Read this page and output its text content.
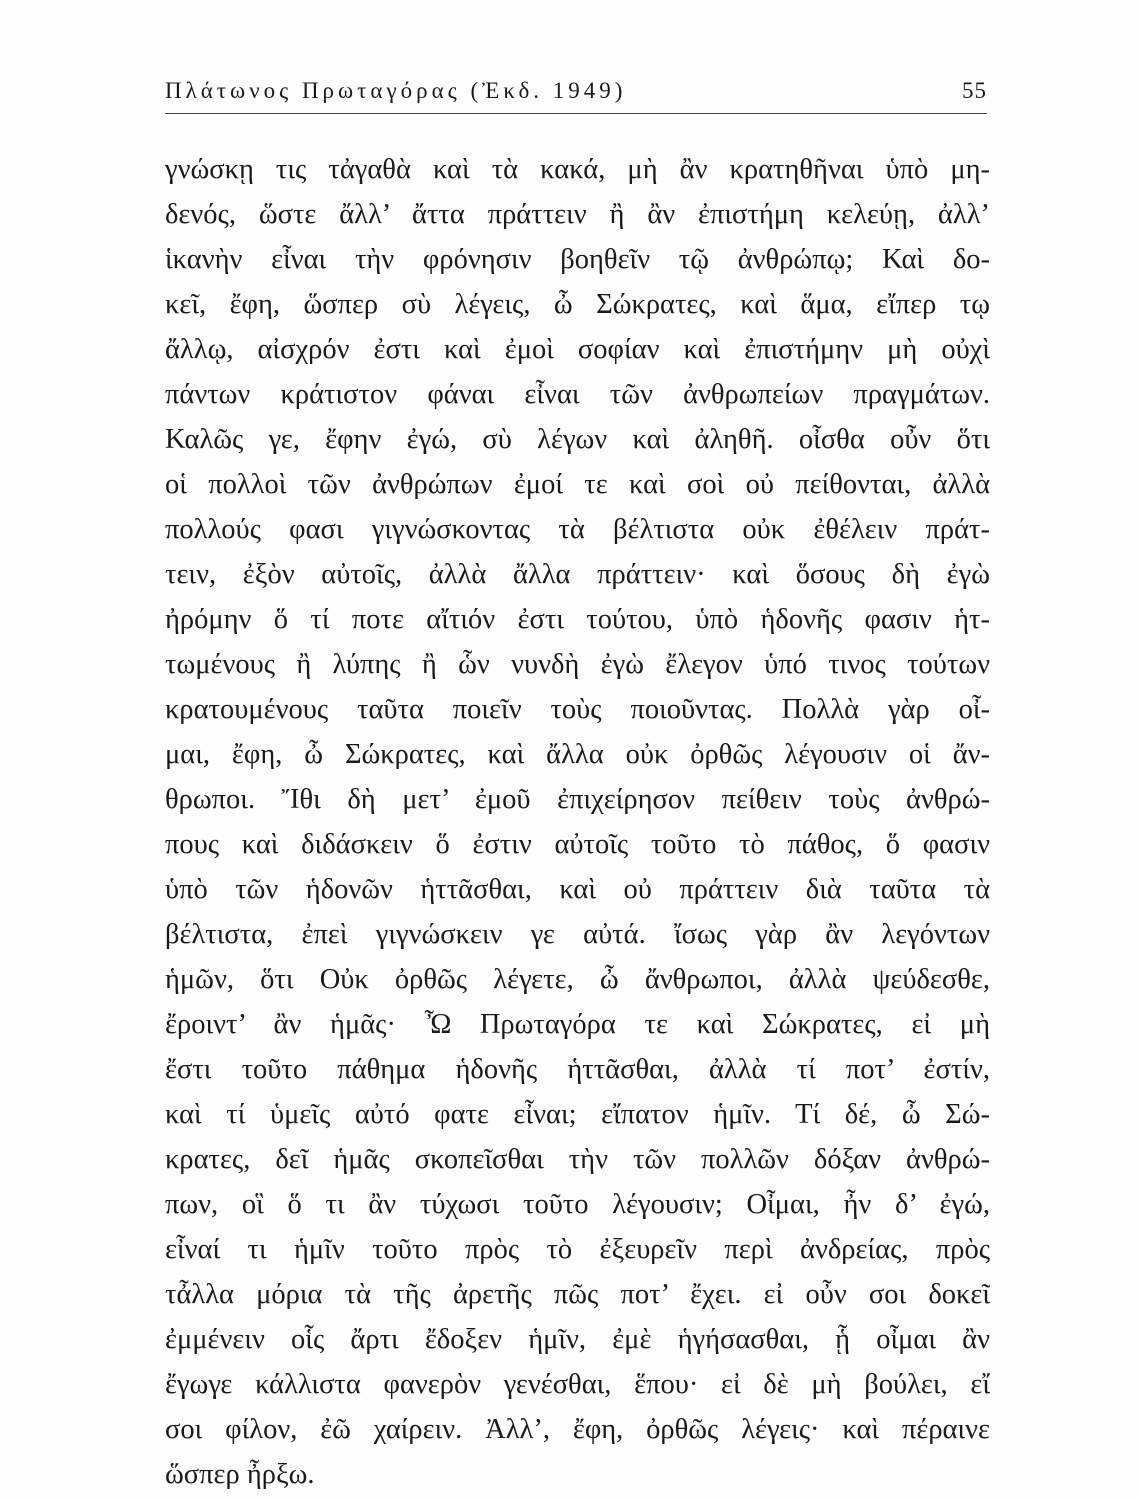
Πλάτωνος Πρωταγόρας (Ἐκδ. 1949)	55
γνώσκῃ τις τἀγαθὰ καὶ τὰ κακά, μὴ ἂν κρατηθῆναι ὑπὸ μη-
δενός, ὥστε ἄλλ’ ἄττα πράττειν ἢ ἂν ἐπιστήμη κελεύῃ, ἀλλ’
ἱκανὴν εἶναι τὴν φρόνησιν βοηθεῖν τῷ ἀνθρώπῳ; Καὶ δο-
κεῖ, ἔφη, ὥσπερ σὺ λέγεις, ὦ Σώκρατες, καὶ ἅμα, εἴπερ τῳ
ἄλλῳ, αἰσχρόν ἐστι καὶ ἐμοὶ σοφίαν καὶ ἐπιστήμην μὴ οὐχὶ
πάντων κράτιστον φάναι εἶναι τῶν ἀνθρωπείων πραγμάτων.
Καλῶς γε, ἔφην ἐγώ, σὺ λέγων καὶ ἀληθῆ. οἶσθα οὖν ὅτι
οἱ πολλοὶ τῶν ἀνθρώπων ἐμοί τε καὶ σοὶ οὐ πείθονται, ἀλλὰ
πολλούς φασι γιγνώσκοντας τὰ βέλτιστα οὐκ ἐθέλειν πράτ-
τειν, ἐξὸν αὐτοῖς, ἀλλὰ ἄλλα πράττειν· καὶ ὅσους δὴ ἐγὼ
ἠρόμην ὅ τί ποτε αἴτιόν ἐστι τούτου, ὑπὸ ἡδονῆς φασιν ἡτ-
τωμένους ἢ λύπης ἢ ὧν νυνδὴ ἐγὼ ἔλεγον ὑπό τινος τούτων
κρατουμένους ταῦτα ποιεῖν τοὺς ποιοῦντας. Πολλὰ γὰρ οἶ-
μαι, ἔφη, ὦ Σώκρατες, καὶ ἄλλα οὐκ ὀρθῶς λέγουσιν οἱ ἄν-
θρωποι. Ἴθι δὴ μετ’ ἐμοῦ ἐπιχείρησον πείθειν τοὺς ἀνθρώ-
πους καὶ διδάσκειν ὅ ἐστιν αὐτοῖς τοῦτο τὸ πάθος, ὅ φασιν
ὑπὸ τῶν ἡδονῶν ἡττᾶσθαι, καὶ οὐ πράττειν διὰ ταῦτα τὰ
βέλτιστα, ἐπεὶ γιγνώσκειν γε αὐτά. ἴσως γὰρ ἂν λεγόντων
ἡμῶν, ὅτι Οὐκ ὀρθῶς λέγετε, ὦ ἄνθρωποι, ἀλλὰ ψεύδεσθε,
ἔροιντ’ ἂν ἡμᾶς· Ὦ Πρωταγόρα τε καὶ Σώκρατες, εἰ μὴ
ἔστι τοῦτο πάθημα ἡδονῆς ἡττᾶσθαι, ἀλλὰ τί ποτ’ ἐστίν,
καὶ τί ὑμεῖς αὐτό φατε εἶναι; εἴπατον ἡμῖν. Τί δέ, ὦ Σώ-
κρατες, δεῖ ἡμᾶς σκοπεῖσθαι τὴν τῶν πολλῶν δόξαν ἀνθρώ-
πων, οἳ ὅ τι ἂν τύχωσι τοῦτο λέγουσιν; Οἶμαι, ἦν δ’ ἐγώ,
εἶναί τι ἡμῖν τοῦτο πρὸς τὸ ἐξευρεῖν περὶ ἀνδρείας, πρὸς
τἆλλα μόρια τὰ τῆς ἀρετῆς πῶς ποτ’ ἔχει. εἰ οὖν σοι δοκεῖ
ἐμμένειν οἷς ἄρτι ἔδοξεν ἡμῖν, ἐμὲ ἡγήσασθαι, ᾗ οἶμαι ἂν
ἔγωγε κάλλιστα φανερὸν γενέσθαι, ἕπου· εἰ δὲ μὴ βούλει, εἴ
σοι φίλον, ἐῶ χαίρειν. Ἀλλ’, ἔφη, ὀρθῶς λέγεις· καὶ πέραινε
ὥσπερ ἦρξω.
